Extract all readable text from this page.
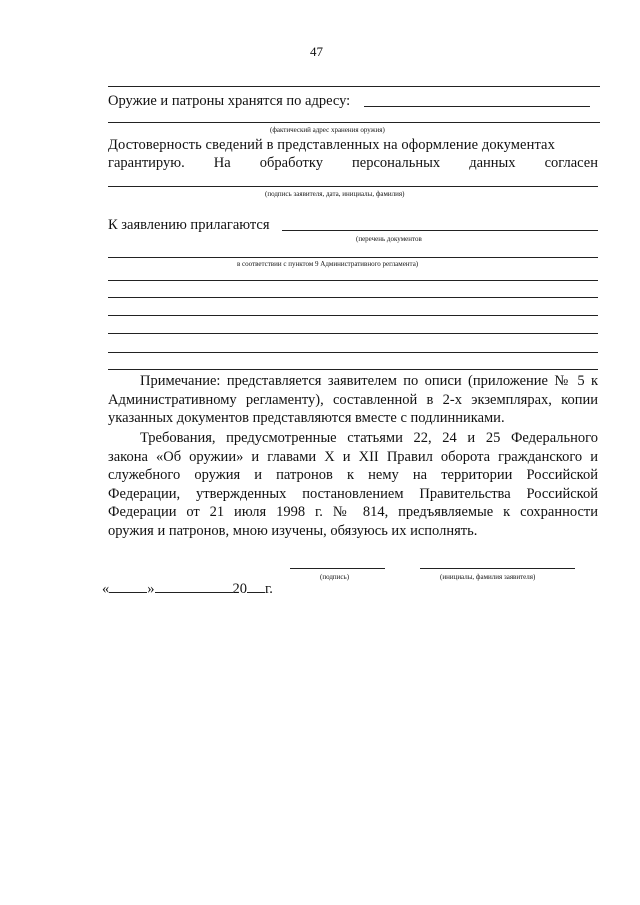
47
Оружие и патроны хранятся по адресу:
(фактический адрес хранения оружия)
Достоверность сведений в представленных на оформление документах
гарантирую. На обработку персональных данных согласен
(подпись заявителя, дата, инициалы, фамилия)
К заявлению прилагаются
(перечень документов
в соответствии с пунктом 9 Административного регламента)
Примечание: представляется заявителем по описи (приложение № 5 к
Административному регламенту), составленной в 2-х экземплярах, копии
указанных документов представляются вместе с подлинниками.
Требования, предусмотренные статьями 22, 24 и 25 Федерального
закона «Об оружии» и главами X и XII Правил оборота гражданского и
служебного оружия и патронов к нему на территории Российской
Федерации, утвержденных постановлением Правительства Российской
Федерации от 21 июля 1998 г. № 814, предъявляемые к сохранности
оружия и патронов, мною изучены, обязуюсь их исполнять.
(подпись)	(инициалы, фамилия заявителя)
«	»	20 г.
